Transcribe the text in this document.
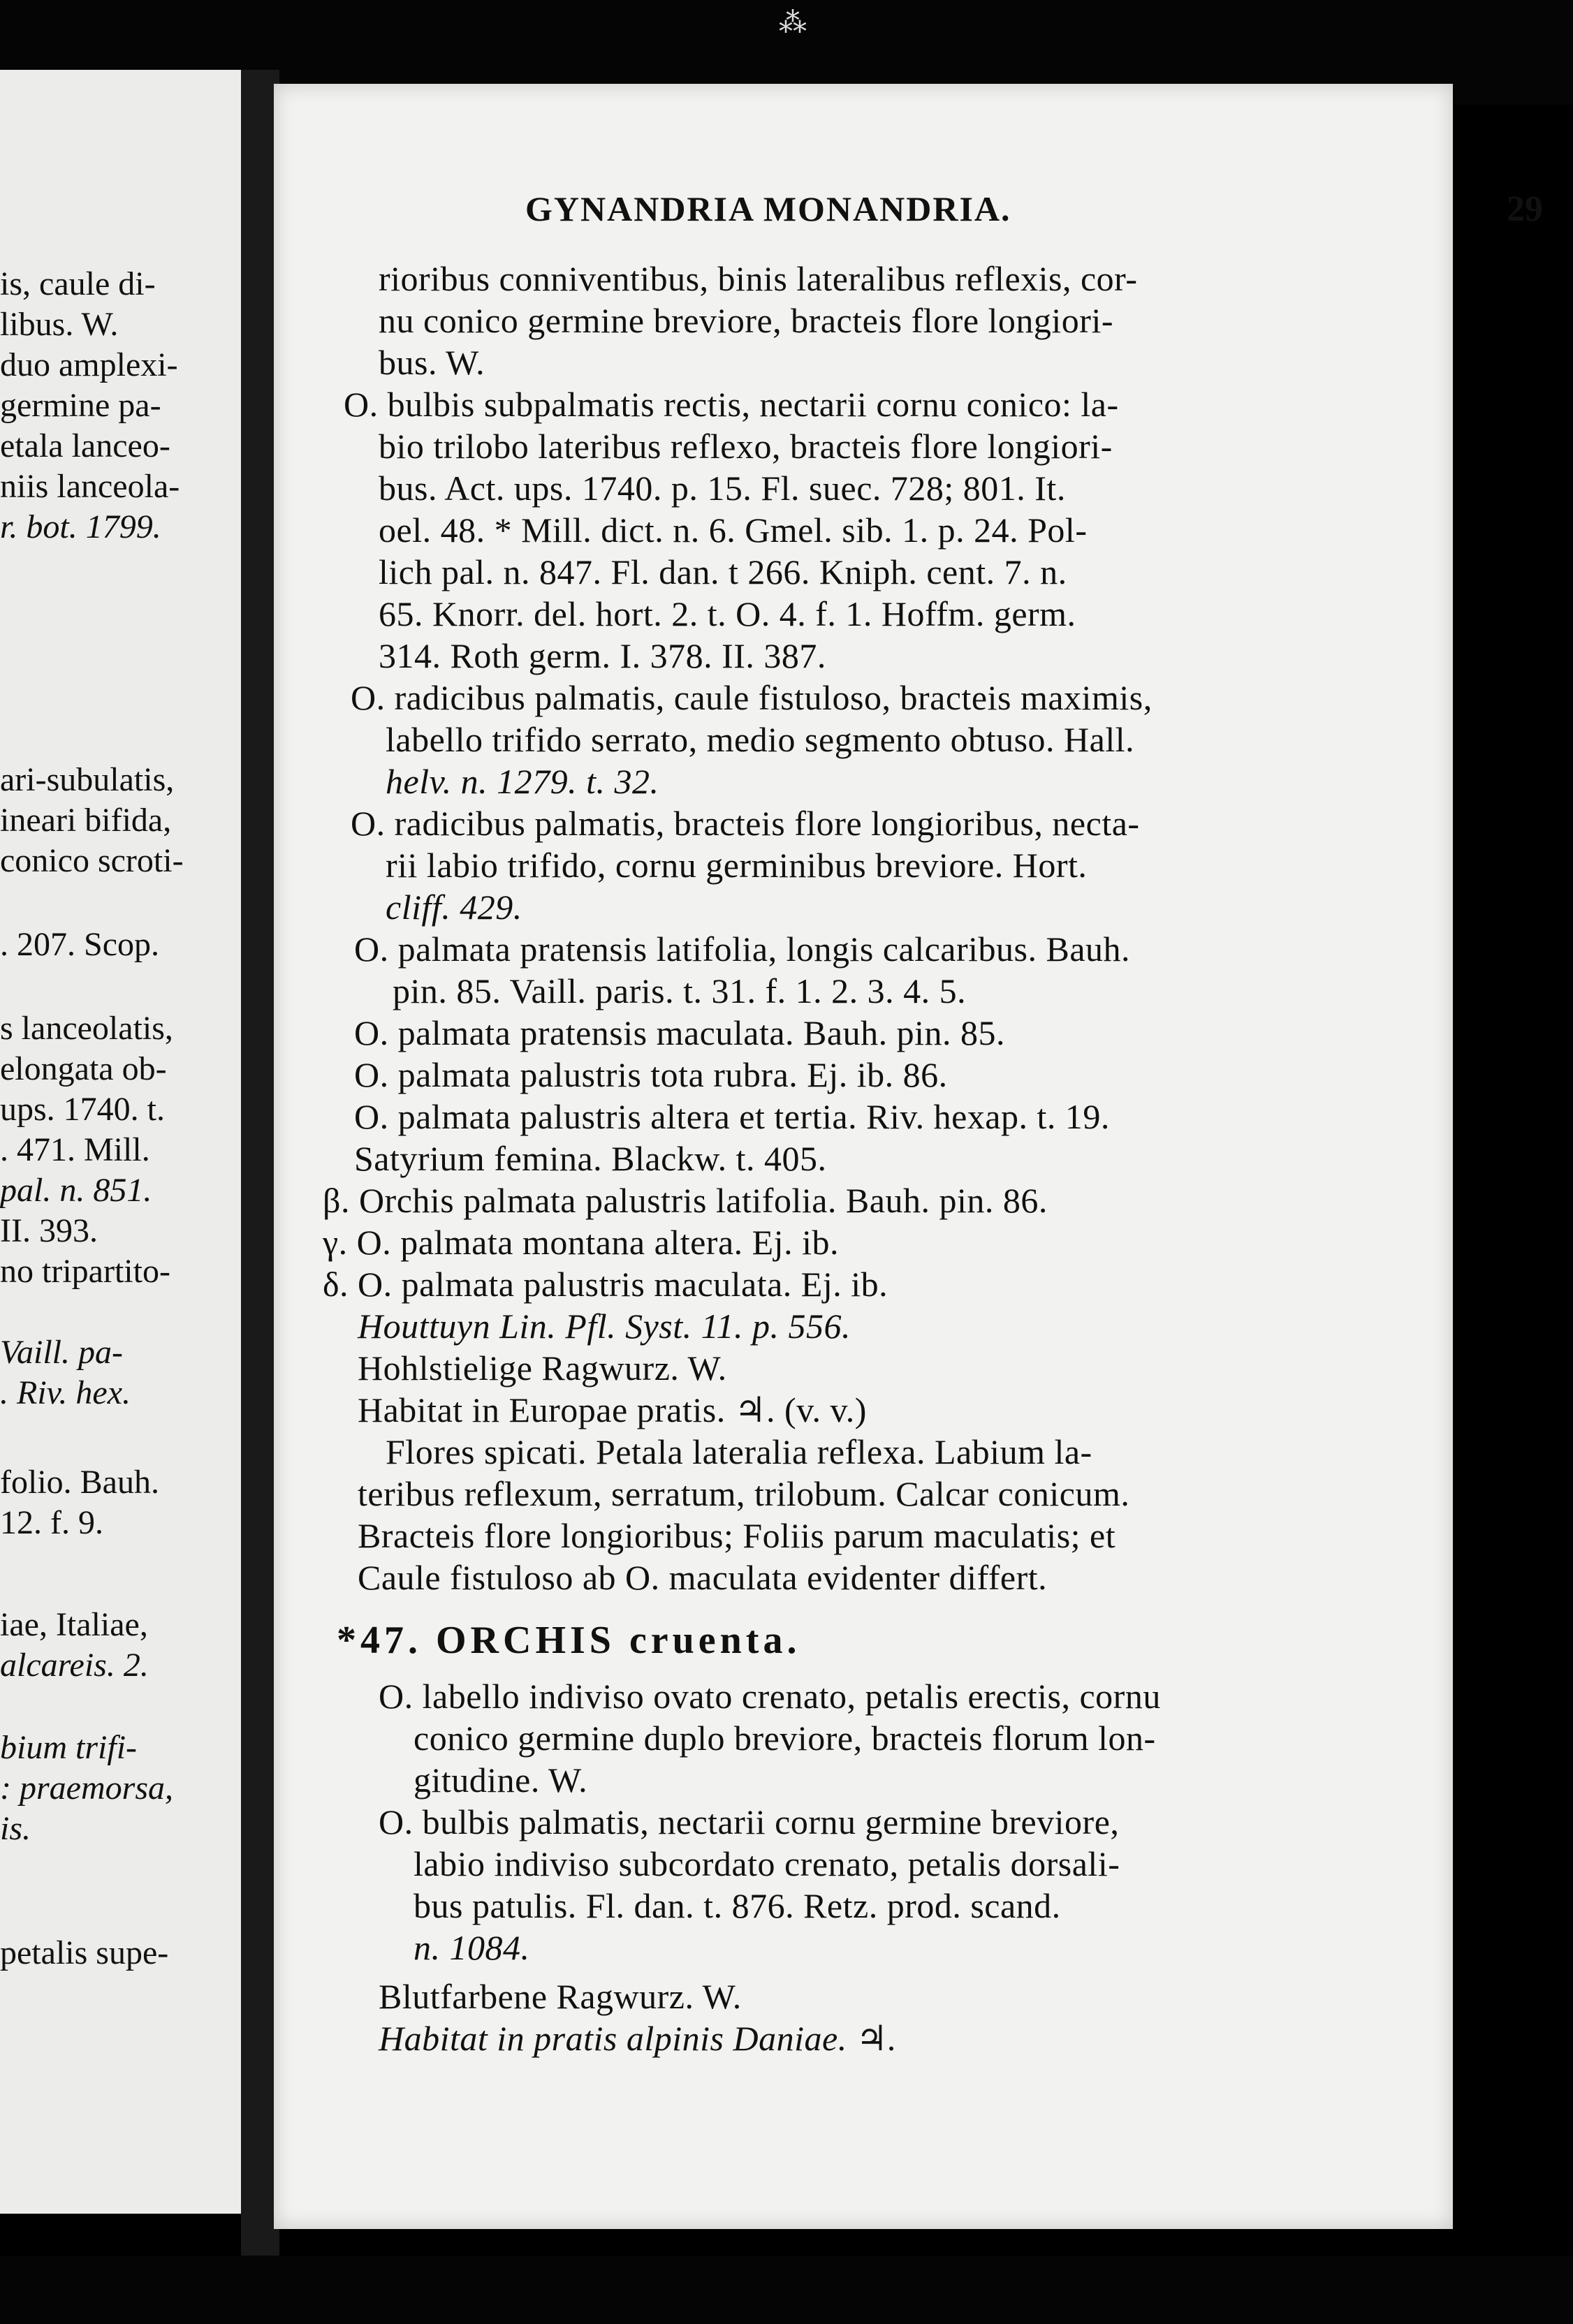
is, caule di-
libus. W.
duo amplexi-
germine pa-
etala lanceo-
niis lanceola-
r. bot. 1799.
ari-subulatis,
ineari bifida,
conico scroti-
. 207. Scop.
s lanceolatis,
elongata ob-
ups. 1740. t.
. 471. Mill.
pal. n. 851.
II. 393.
no tripartito-
Vaill. pa-
. Riv. hex.
folio. Bauh.
12. f. 9.
iae, Italiae,
alcareis. 2.
bium trifi-
: praemorsa,
is.
petalis supe-
GYNANDRIA MONANDRIA.	29
rioribus conniventibus, binis lateralibus reflexis, cor-
nu conico germine breviore, bracteis flore longiori-
bus. W.
O. bulbis subpalmatis rectis, nectarii cornu conico: la-
bio trilobo lateribus reflexo, bracteis flore longiori-
bus. Act. ups. 1740. p. 15. Fl. suec. 728; 801. It.
oel. 48. * Mill. dict. n. 6. Gmel. sib. 1. p. 24. Pol-
lich pal. n. 847. Fl. dan. t 266. Kniph. cent. 7. n.
65. Knorr. del. hort. 2. t. O. 4. f. 1. Hoffm. germ.
314. Roth germ. I. 378. II. 387.
O. radicibus palmatis, caule fistuloso, bracteis maximis,
labello trifido serrato, medio segmento obtuso. Hall.
helv. n. 1279. t. 32.
O. radicibus palmatis, bracteis flore longioribus, necta-
rii labio trifido, cornu germinibus breviore. Hort.
cliff. 429.
O. palmata pratensis latifolia, longis calcaribus. Bauh.
pin. 85. Vaill. paris. t. 31. f. 1. 2. 3. 4. 5.
O. palmata pratensis maculata. Bauh. pin. 85.
O. palmata palustris tota rubra. Ej. ib. 86.
O. palmata palustris altera et tertia. Riv. hexap. t. 19.
Satyrium femina. Blackw. t. 405.
β. Orchis palmata palustris latifolia. Bauh. pin. 86.
γ. O. palmata montana altera. Ej. ib.
δ. O. palmata palustris maculata. Ej. ib.
Houttuyn Lin. Pfl. Syst. 11. p. 556.
Hohlstielige Ragwurz. W.
Habitat in Europae pratis. ♃. (v. v.)
Flores spicati. Petala lateralia reflexa. Labium la-
teribus reflexum, serratum, trilobum. Calcar conicum.
Bracteis flore longioribus; Foliis parum maculatis; et
Caule fistuloso ab O. maculata evidenter differt.
*47. ORCHIS cruenta.
O. labello indiviso ovato crenato, petalis erectis, cornu
conico germine duplo breviore, bracteis florum lon-
gitudine. W.
O. bulbis palmatis, nectarii cornu germine breviore,
labio indiviso subcordato crenato, petalis dorsali-
bus patulis. Fl. dan. t. 876. Retz. prod. scand.
n. 1084.
Blutfarbene Ragwurz. W.
Habitat in pratis alpinis Daniae. ♃.
⁂
